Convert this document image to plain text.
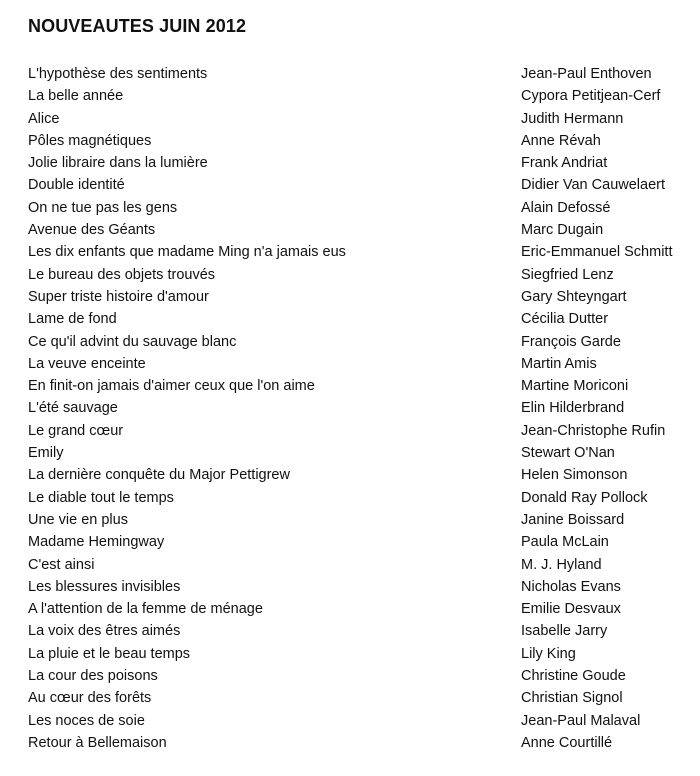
NOUVEAUTES JUIN 2012
L'hypothèse des sentiments	Jean-Paul Enthoven
La belle année	Cypora Petitjean-Cerf
Alice	Judith Hermann
Pôles magnétiques	Anne Révah
Jolie libraire dans la lumière	Frank Andriat
Double identité	Didier Van Cauwelaert
On ne tue pas les gens	Alain Defossé
Avenue des Géants	Marc Dugain
Les dix enfants que madame Ming n'a jamais eus	Eric-Emmanuel Schmitt
Le bureau des objets trouvés	Siegfried Lenz
Super triste histoire d'amour	Gary Shteyngart
Lame de fond	Cécilia Dutter
Ce qu'il advint du sauvage blanc	François Garde
La veuve enceinte	Martin Amis
En finit-on jamais d'aimer ceux que l'on aime	Martine Moriconi
L'été sauvage	Elin Hilderbrand
Le grand cœur	Jean-Christophe Rufin
Emily	Stewart O'Nan
La dernière conquête du Major Pettigrew	Helen Simonson
Le diable tout le temps	Donald Ray Pollock
Une vie en plus	Janine Boissard
Madame Hemingway	Paula McLain
C'est ainsi	M. J. Hyland
Les blessures invisibles	Nicholas Evans
A l'attention de la femme de ménage	Emilie Desvaux
La voix des êtres aimés	Isabelle Jarry
La pluie et le beau temps	Lily King
La cour des poisons	Christine Goude
Au cœur des forêts	Christian Signol
Les noces de soie	Jean-Paul Malaval
Retour à Bellemaison	Anne Courtillé
